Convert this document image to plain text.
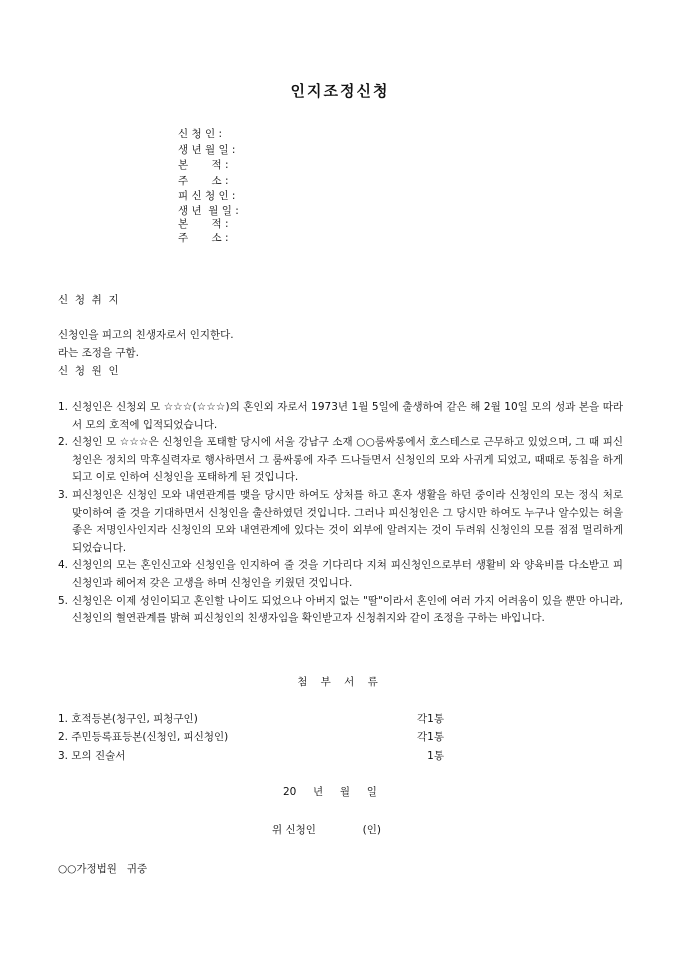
인지조정신청
신 청 인 :
생 년 월 일 :
본       적 :
주       소 :
피 신 청 인 :
생 년  월 일 :
본       적 :
주       소 :
신  청  취  지
신청인을 피고의 친생자로서 인지한다.
라는 조정을 구함.
신  청  원  인
1. 신청인은 신청외 모 ☆☆☆(☆☆☆)의 혼인외 자로서 1973년 1월 5일에 출생하여 같은 해 2월 10일 모의 성과 본을 따라서 모의 호적에 입적되었습니다.
2. 신청인 모 ☆☆☆은 신청인을 포태할 당시에 서울 강남구 소재 ○○룸싸롱에서 호스테스로 근무하고 있었으며, 그 때 피신청인은 정치의 막후실력자로 행사하면서 그 룸싸롱에 자주 드나들면서 신청인의 모와 사귀게 되었고, 때때로 동침을 하게 되고 이로 인하여 신청인을 포태하게 된 것입니다.
3. 피신청인은 신청인 모와 내연관계를 맺을 당시만 하여도 상처를 하고 혼자 생활을 하던 중이라 신청인의 모는 정식 처로 맞이하여 줄 것을 기대하면서 신청인을 출산하였던 것입니다. 그러나 피신청인은 그 당시만 하여도 누구나 알수있는 허울 좋은 저명인사인지라 신청인의 모와 내연관계에 있다는 것이 외부에 알려지는 것이 두려워 신청인의 모를 점점 멀리하게 되었습니다.
4. 신청인의 모는 혼인신고와 신청인을 인지하여 줄 것을 기다리다 지쳐 피신청인으로부터 생활비 와 양육비를 다소받고 피신청인과 헤어져 갖은 고생을 하며 신청인을 키웠던 것입니다.
5. 신청인은 이제 성인이되고 혼인할 나이도 되었으나 아버지 없는 "딸"이라서 혼인에 여러 가지 어려움이 있을 뿐만 아니라, 신청인의 혈연관계를 밝혀 피신청인의 친생자임을 확인받고자 신청취지와 같이 조정을 구하는 바입니다.
첨 부 서 류
1. 호적등본(청구인, 피청구인)	각1통
2. 주민등록표등본(신청인, 피신청인)	각1통
3. 모의 진술서	1통
20     년     월     일
위 신청인              (인)
○○가정법원   귀중
